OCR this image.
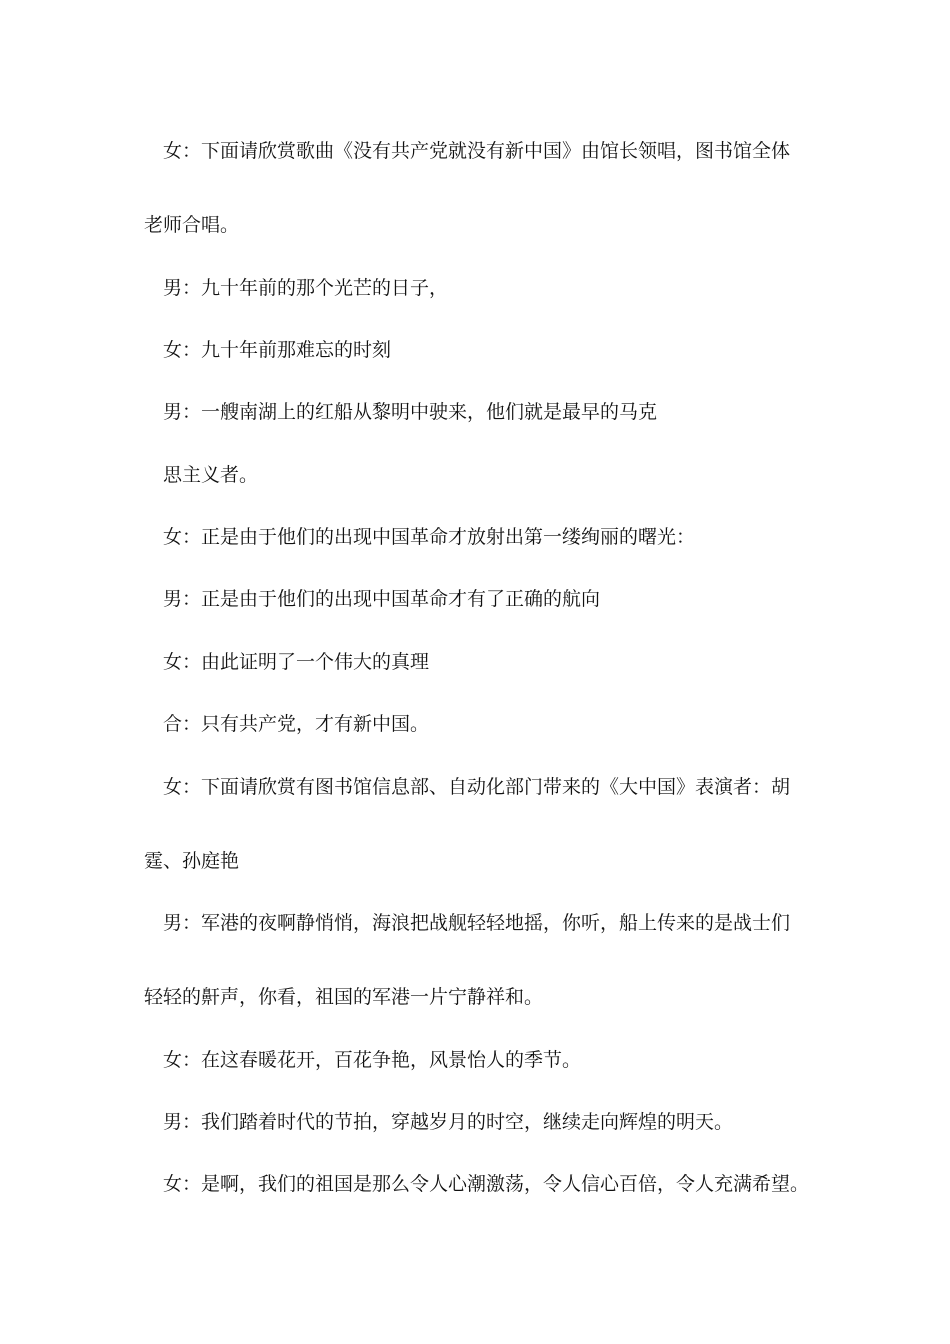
女：下面请欣赏歌曲《没有共产党就没有新中国》由馆长领唱，图书馆全体
老师合唱。
男：九十年前的那个光芒的日子，
女：九十年前那难忘的时刻
男：一艘南湖上的红船从黎明中驶来，他们就是最早的马克
思主义者。
女：正是由于他们的出现中国革命才放射出第一缕绚丽的曙光：
男：正是由于他们的出现中国革命才有了正确的航向
女：由此证明了一个伟大的真理
合：只有共产党，才有新中国。
女：下面请欣赏有图书馆信息部、自动化部门带来的《大中国》表演者：胡
霆、孙庭艳
男：军港的夜啊静悄悄，海浪把战舰轻轻地摇，你听，船上传来的是战士们
轻轻的鼾声，你看，祖国的军港一片宁静祥和。
女：在这春暖花开，百花争艳，风景怡人的季节。
男：我们踏着时代的节拍，穿越岁月的时空，继续走向辉煌的明天。
女：是啊，我们的祖国是那么令人心潮激荡，令人信心百倍，令人充满希望。
